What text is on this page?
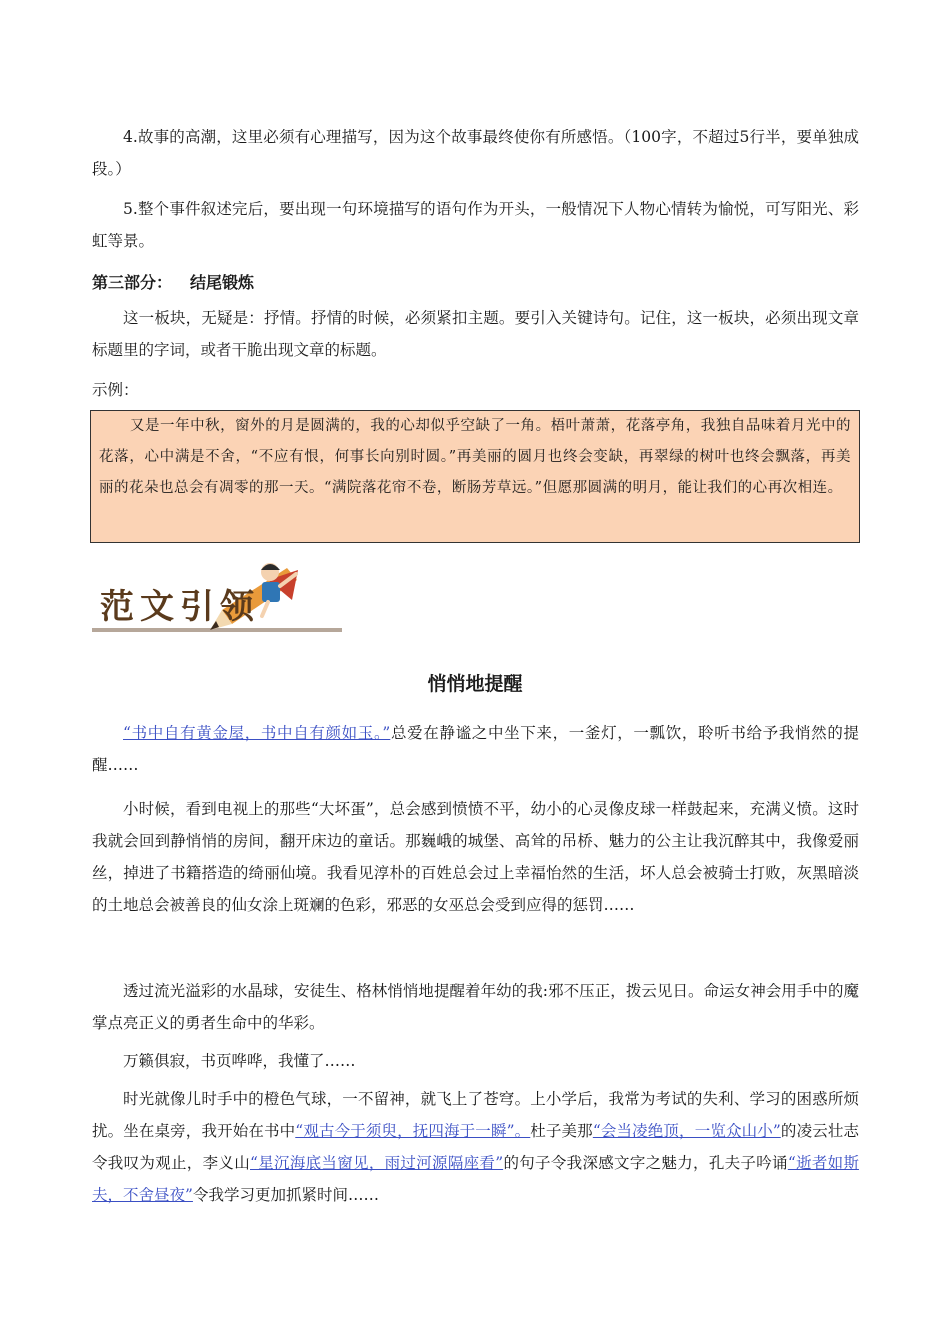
4.故事的高潮，这里必须有心理描写，因为这个故事最终使你有所感悟。（100字，不超过5行半，要单独成段。）

5.整个事件叙述完后，要出现一句环境描写的语句作为开头，一般情况下人物心情转为愉悦，可写阳光、彩虹等景。

第三部分： 结尾锻炼

这一板块，无疑是：抒情。抒情的时候，必须紧扣主题。要引入关键诗句。记住，这一板块，必须出现文章标题里的字词，或者干脆出现文章的标题。

示例：

又是一年中秋，窗外的月是圆满的，我的心却似乎空缺了一角。梧叶萧萧，花落亭角，我独自品味着月光中的花落，心中满是不舍，“不应有恨，何事长向别时圆。”再美丽的圆月也终会变缺，再翠绿的树叶也终会飘落，再美丽的花朵也总会有凋零的那一天。“满院落花帘不卷，断肠芳草远。”但愿那圆满的明月，能让我们的心再次相连。

范文引领

悄悄地提醒

“书中自有黄金屋，书中自有颜如玉。”总爱在静谧之中坐下来，一釜灯，一瓢饮，聆听书给予我悄然的提醒……

小时候，看到电视上的那些“大坏蛋”，总会感到愤愤不平，幼小的心灵像皮球一样鼓起来，充满义愤。这时我就会回到静悄悄的房间，翻开床边的童话。那巍峨的城堡、高耸的吊桥、魅力的公主让我沉醉其中，我像爱丽丝，掉进了书籍搭造的绮丽仙境。我看见淳朴的百姓总会过上幸福怡然的生活，坏人总会被骑士打败，灰黑暗淡的土地总会被善良的仙女涂上斑斓的色彩，邪恶的女巫总会受到应得的惩罚……

透过流光溢彩的水晶球，安徒生、格林悄悄地提醒着年幼的我:邪不压正，拨云见日。命运女神会用手中的魔掌点亮正义的勇者生命中的华彩。

万籁俱寂，书页哗哗，我懂了……

时光就像儿时手中的橙色气球，一不留神，就飞上了苍穹。上小学后，我常为考试的失利、学习的困惑所烦扰。坐在桌旁，我开始在书中“观古今于须臾，抚四海于一瞬”。杜子美那“会当凌绝顶，一览众山小”的凌云壮志令我叹为观止，李义山“星沉海底当窗见，雨过河源隔座看”的句子令我深感文字之魅力，孔夫子吟诵“逝者如斯夫，不舍昼夜”令我学习更加抓紧时间……
